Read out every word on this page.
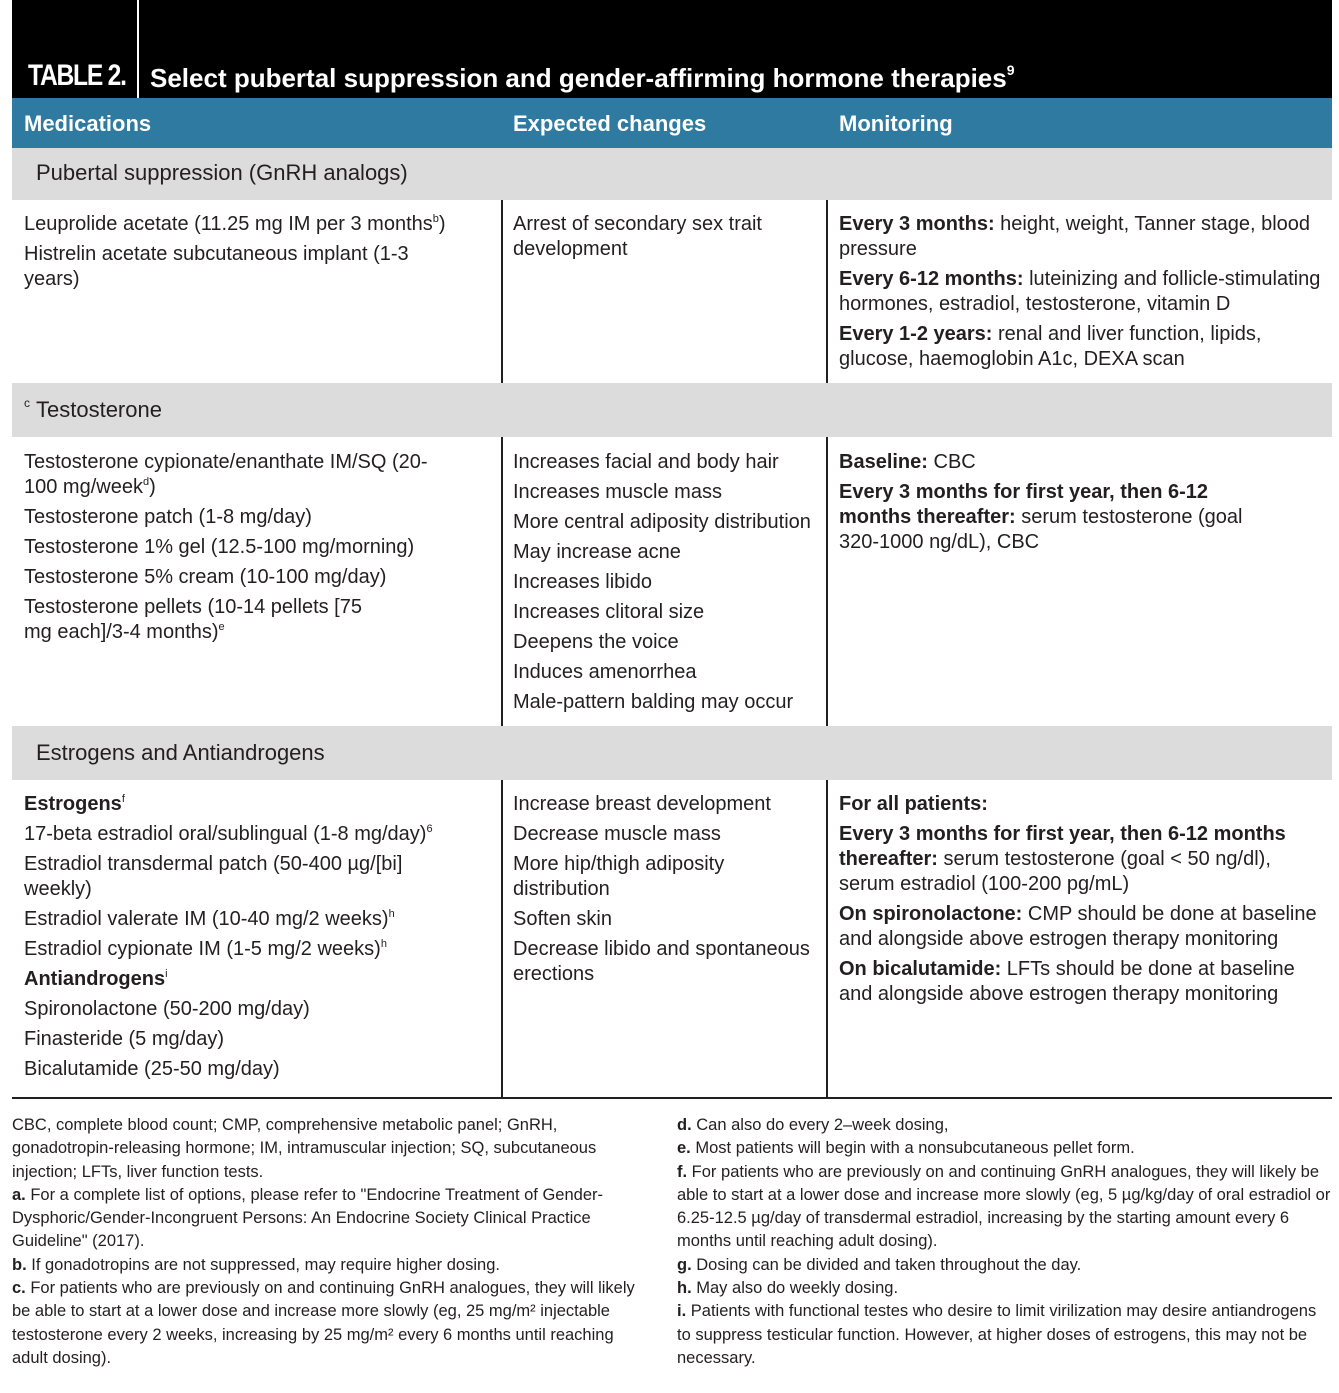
TABLE 2. Select pubertal suppression and gender-affirming hormone therapies$^9$
Medications	Expected changes	Monitoring
Pubertal suppression (GnRH analogs)

Leuprolide acetate (11.25 mg IM per 3 months$^b$)

Histrelin acetate subcutaneous implant (1-3 years)

Arrest of secondary sex trait development

Every 3 months: height, weight, Tanner stage, blood pressure

Every 6-12 months: luteinizing and follicle-stimulating hormones, estradiol, testosterone, vitamin D

Every 1-2 years: renal and liver function, lipids, glucose, haemoglobin A1c, DEXA scan

Testosterone
$^c$

Testosterone cypionate/enanthate IM/SQ (20-100 mg/week$^d$)

Testosterone patch (1-8 mg/day)

Testosterone 1% gel (12.5-100 mg/morning)

Testosterone 5% cream (10-100 mg/day)

Testosterone pellets (10-14 pellets [75 mg each]/3-4 months)$^e$

Increases facial and body hair

Increases muscle mass

More central adiposity distribution

May increase acne

Increases libido

Increases clitoral size

Deepens the voice

Induces amenorrhea

Male-pattern balding may occur

Baseline: CBC

Every 3 months for first year, then 6-12 months thereafter: serum testosterone (goal 320-1000 ng/dL), CBC

Estrogens and Antiandrogens

Estrogens$^f$

17-beta estradiol oral/sublingual (1-8 mg/day)$^6$

Estradiol transdermal patch (50-400 µg/[bi] weekly)

Estradiol valerate IM (10-40 mg/2 weeks)$^h$

Estradiol cypionate IM (1-5 mg/2 weeks)$^h$

Antiandrogens$^i$

Spironolactone (50-200 mg/day)

Finasteride (5 mg/day)

Bicalutamide (25-50 mg/day)

Increase breast development

Decrease muscle mass

More hip/thigh adiposity distribution

Soften skin

Decrease libido and spontaneous erections

For all patients:

Every 3 months for first year, then 6-12 months thereafter: serum testosterone (goal < 50 ng/dl), serum estradiol (100-200 pg/mL)

On spironolactone: CMP should be done at baseline and alongside above estrogen therapy monitoring

On bicalutamide: LFTs should be done at baseline and alongside above estrogen therapy monitoring

CBC, complete blood count; CMP, comprehensive metabolic panel; GnRH, gonadotropin-releasing hormone; IM, intramuscular injection; SQ, subcutaneous injection; LFTs, liver function tests.

a. For a complete list of options, please refer to "Endocrine Treatment of Gender-Dysphoric/Gender-Incongruent Persons: An Endocrine Society Clinical Practice Guideline" (2017).

b. If gonadotropins are not suppressed, may require higher dosing.

c. For patients who are previously on and continuing GnRH analogues, they will likely be able to start at a lower dose and increase more slowly (eg, 25 mg/m² injectable testosterone every 2 weeks, increasing by 25 mg/m² every 6 months until reaching adult dosing).

d. Can also do every 2–week dosing,

e. Most patients will begin with a nonsubcutaneous pellet form.

f. For patients who are previously on and continuing GnRH analogues, they will likely be able to start at a lower dose and increase more slowly (eg, 5 µg/kg/day of oral estradiol or 6.25-12.5 µg/day of transdermal estradiol, increasing by the starting amount every 6 months until reaching adult dosing).

g. Dosing can be divided and taken throughout the day.

h. May also do weekly dosing.

i. Patients with functional testes who desire to limit virilization may desire antiandrogens to suppress testicular function. However, at higher doses of estrogens, this may not be necessary.
